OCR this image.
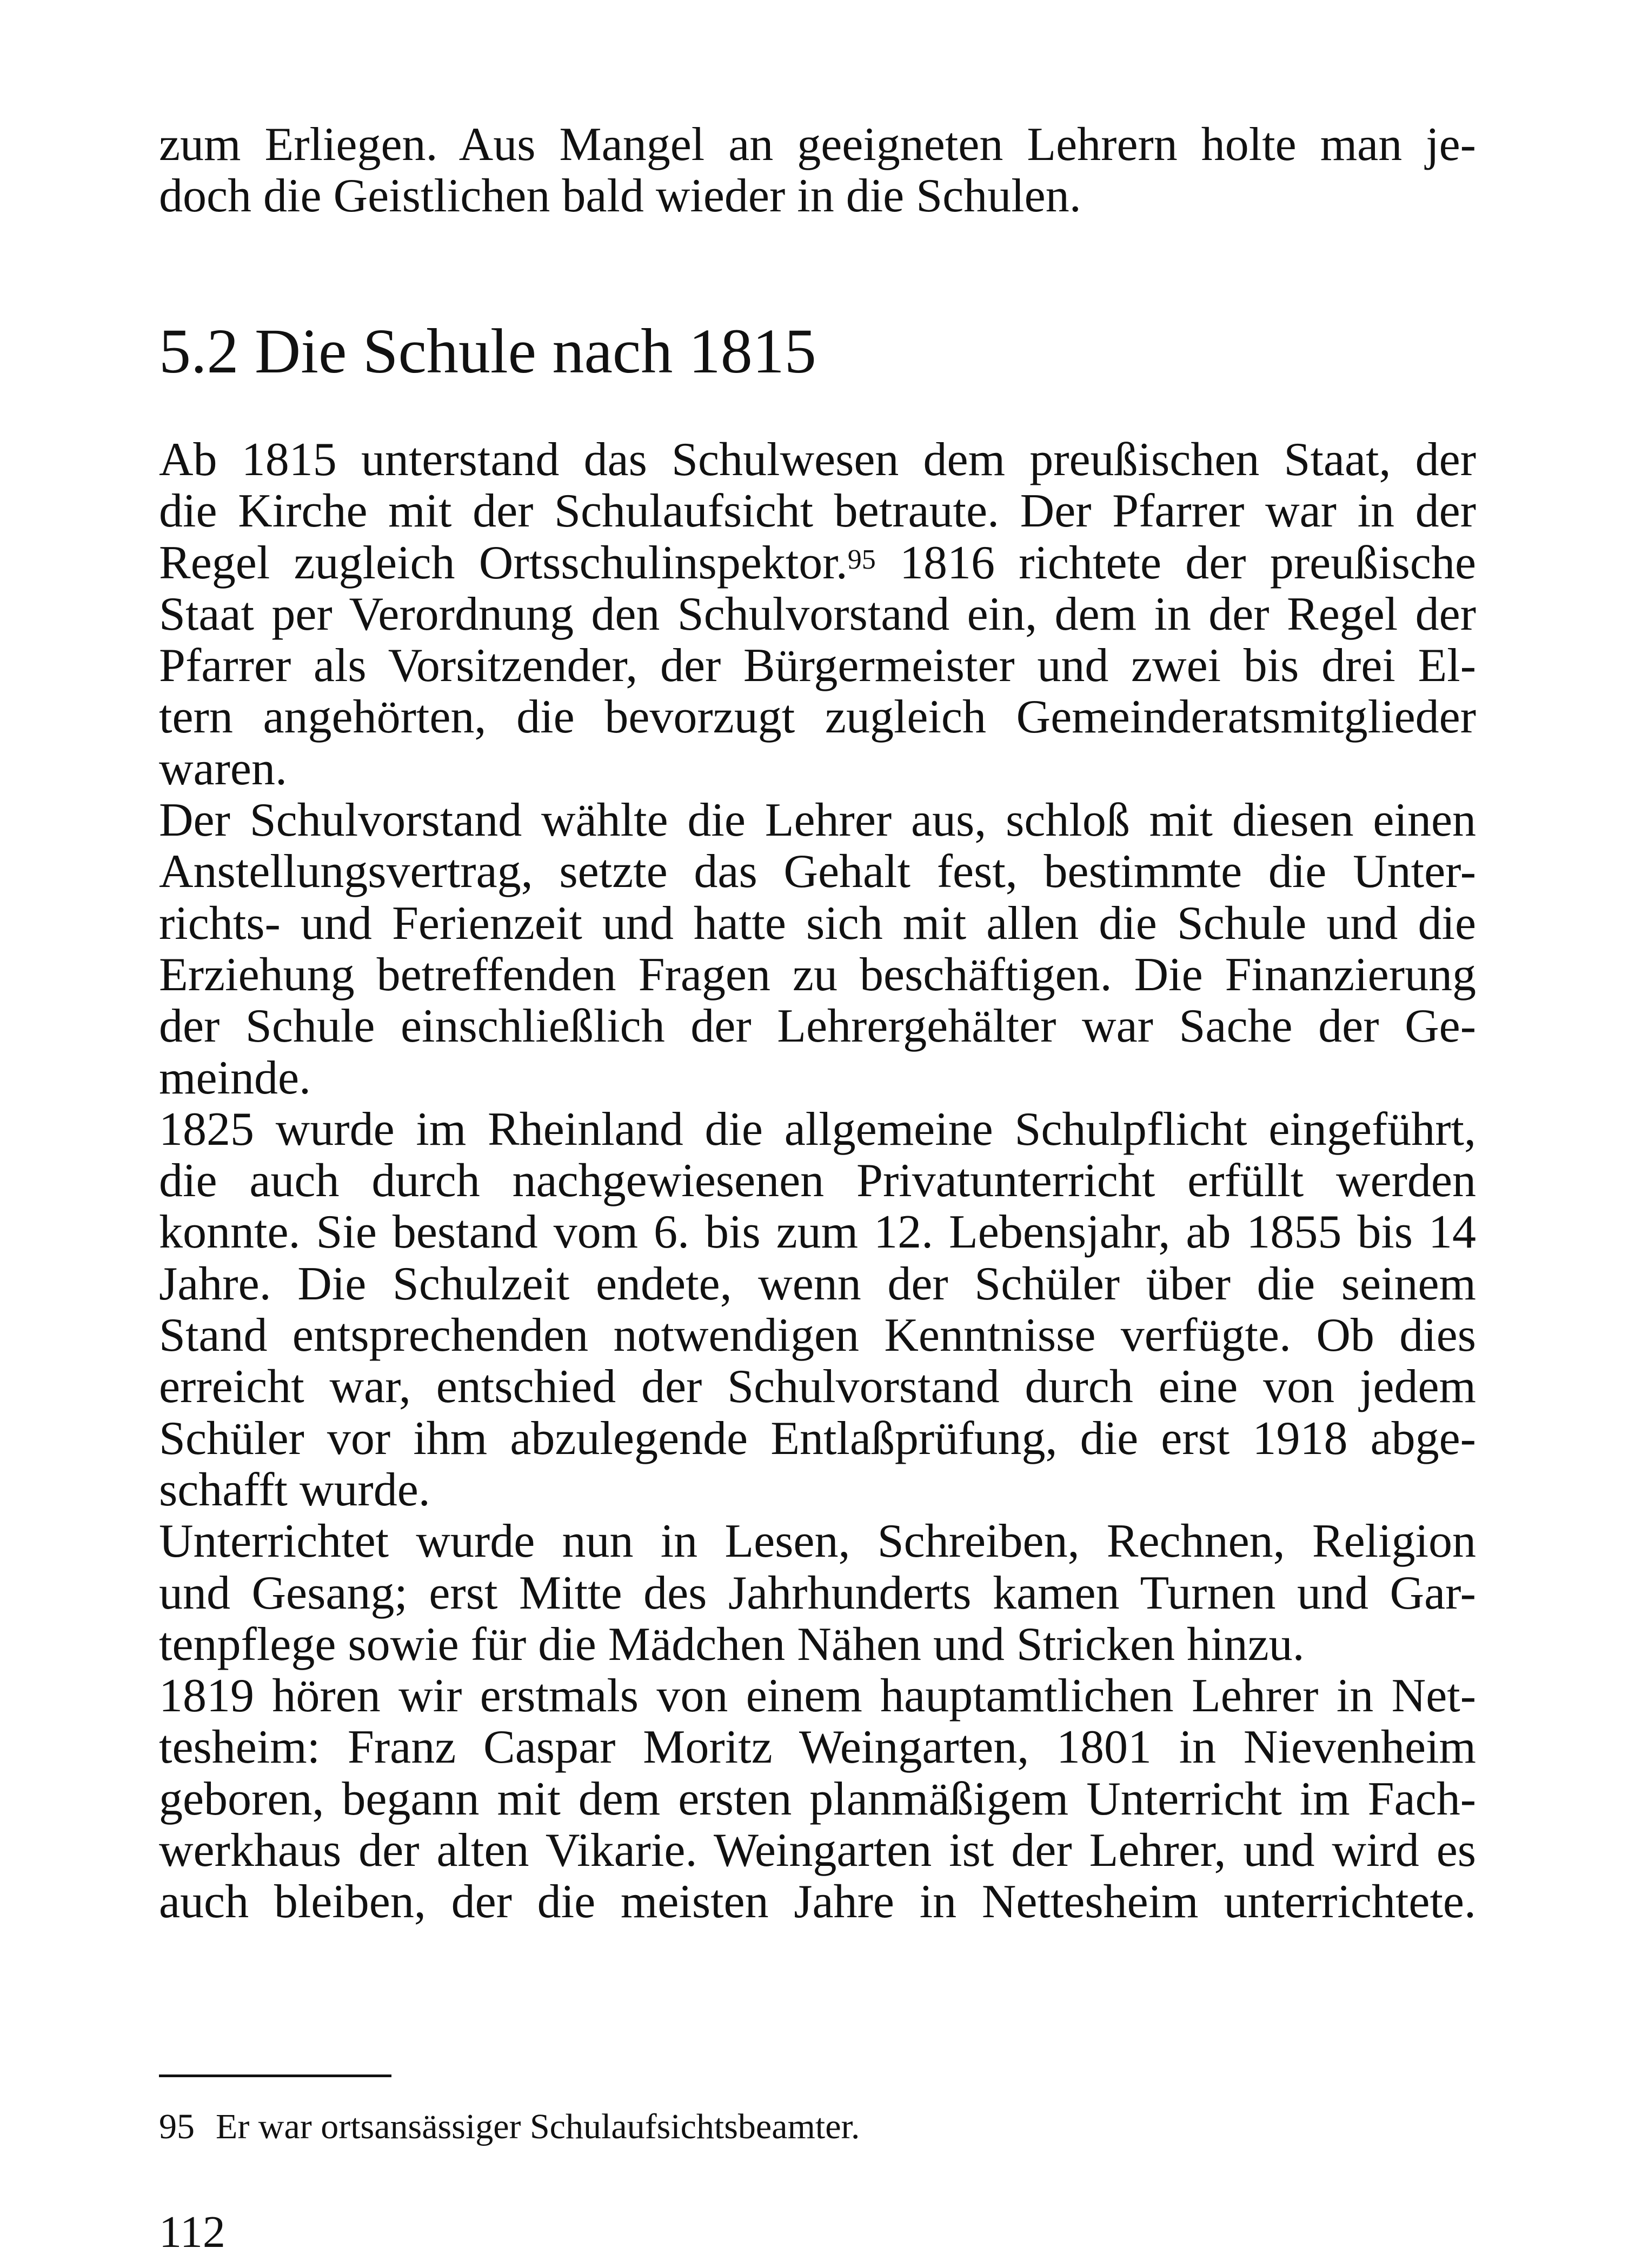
zum Erliegen. Aus Mangel an geeigneten Lehrern holte man je-
doch die Geistlichen bald wieder in die Schulen.
5.2 Die Schule nach 1815
Ab 1815 unterstand das Schulwesen dem preußischen Staat, der
die Kirche mit der Schulaufsicht betraute. Der Pfarrer war in der
Regel zugleich Ortsschulinspektor.$^{95}$ 1816 richtete der preußische
Staat per Verordnung den Schulvorstand ein, dem in der Regel der
Pfarrer als Vorsitzender, der Bürgermeister und zwei bis drei El-
tern angehörten, die bevorzugt zugleich Gemeinderatsmitglieder
waren.
Der Schulvorstand wählte die Lehrer aus, schloß mit diesen einen
Anstellungsvertrag, setzte das Gehalt fest, bestimmte die Unter-
richts- und Ferienzeit und hatte sich mit allen die Schule und die
Erziehung betreffenden Fragen zu beschäftigen. Die Finanzierung
der Schule einschließlich der Lehrergehälter war Sache der Ge-
meinde.
1825 wurde im Rheinland die allgemeine Schulpflicht eingeführt,
die auch durch nachgewiesenen Privatunterricht erfüllt werden
konnte. Sie bestand vom 6. bis zum 12. Lebensjahr, ab 1855 bis 14
Jahre. Die Schulzeit endete, wenn der Schüler über die seinem
Stand entsprechenden notwendigen Kenntnisse verfügte. Ob dies
erreicht war, entschied der Schulvorstand durch eine von jedem
Schüler vor ihm abzulegende Entlaßprüfung, die erst 1918 abge-
schafft wurde.
Unterrichtet wurde nun in Lesen, Schreiben, Rechnen, Religion
und Gesang; erst Mitte des Jahrhunderts kamen Turnen und Gar-
tenpflege sowie für die Mädchen Nähen und Stricken hinzu.
1819 hören wir erstmals von einem hauptamtlichen Lehrer in Net-
tesheim: Franz Caspar Moritz Weingarten, 1801 in Nievenheim
geboren, begann mit dem ersten planmäßigem Unterricht im Fach-
werkhaus der alten Vikarie. Weingarten ist der Lehrer, und wird es
auch bleiben, der die meisten Jahre in Nettesheim unterrichtete.
95 Er war ortsansässiger Schulaufsichtsbeamter.
112
